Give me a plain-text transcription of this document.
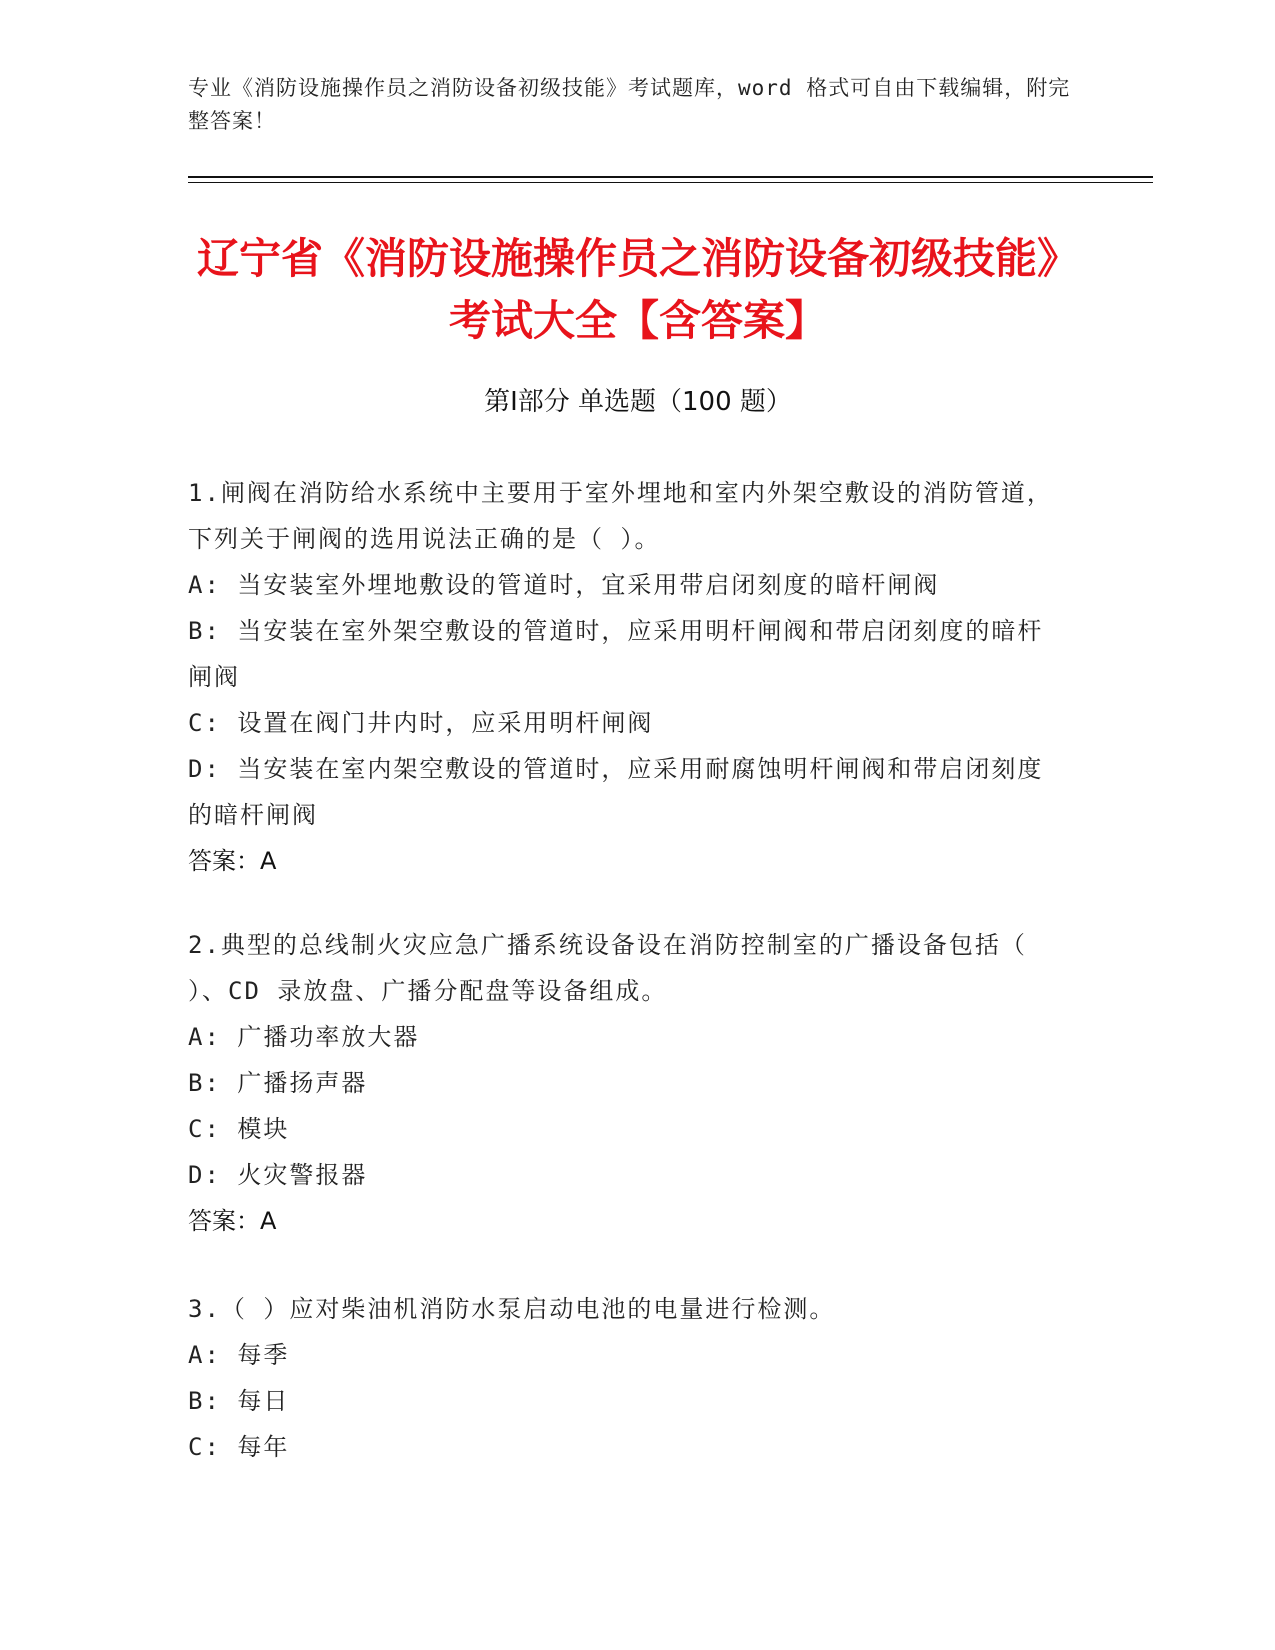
专业《消防设施操作员之消防设备初级技能》考试题库，word 格式可自由下载编辑，附完整答案！
辽宁省《消防设施操作员之消防设备初级技能》考试大全【含答案】
第Ⅰ部分 单选题（100 题）
1.闸阀在消防给水系统中主要用于室外埋地和室内外架空敷设的消防管道，下列关于闸阀的选用说法正确的是（ ）。
A: 当安装室外埋地敷设的管道时，宜采用带启闭刻度的暗杆闸阀
B: 当安装在室外架空敷设的管道时，应采用明杆闸阀和带启闭刻度的暗杆闸阀
C: 设置在阀门井内时，应采用明杆闸阀
D: 当安装在室内架空敷设的管道时，应采用耐腐蚀明杆闸阀和带启闭刻度的暗杆闸阀
答案：A
2.典型的总线制火灾应急广播系统设备设在消防控制室的广播设备包括（ ）、CD 录放盘、广播分配盘等设备组成。
A: 广播功率放大器
B: 广播扬声器
C: 模块
D: 火灾警报器
答案：A
3.（ ）应对柴油机消防水泵启动电池的电量进行检测。
A: 每季
B: 每日
C: 每年
